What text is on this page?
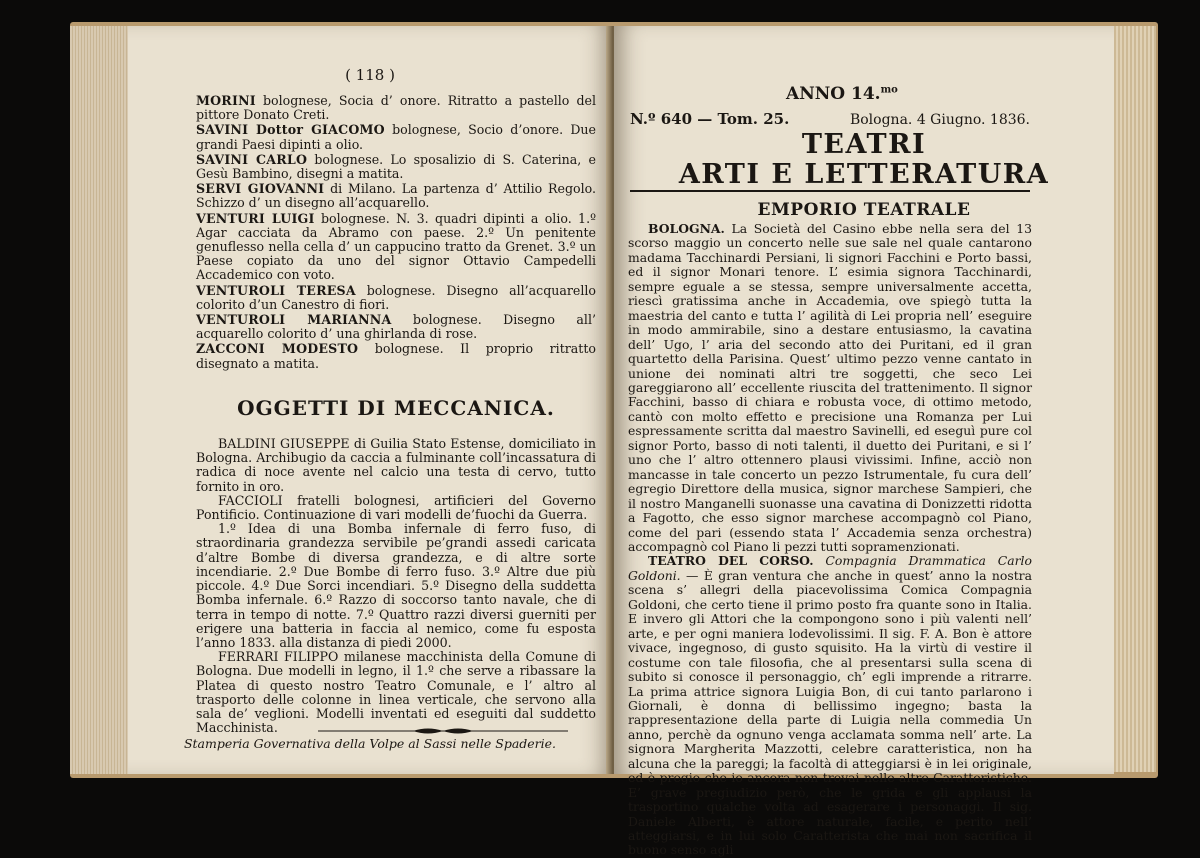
( 118 )
MORINI bolognese, Socia d’ onore. Ritratto a pastello del pittore Donato Creti.
SAVINI Dottor GIACOMO bolognese, Socio d’onore. Due grandi Paesi dipinti a olio.
SAVINI CARLO bolognese. Lo sposalizio di S. Caterina, e Gesù Bambino, disegni a matita.
SERVI GIOVANNI di Milano. La partenza d’ Attilio Regolo. Schizzo d’ un disegno all’acquarello.
VENTURI LUIGI bolognese. N. 3. quadri dipinti a olio. 1.º Agar cacciata da Abramo con paese. 2.º Un penitente genuflesso nella cella d’ un cappucino tratto da Grenet. 3.º un Paese copiato da uno del signor Ottavio Campedelli Accademico con voto.
VENTUROLI TERESA bolognese. Disegno all’acquarello colorito d’un Canestro di fiori.
VENTUROLI MARIANNA bolognese. Disegno all’ acquarello colorito d’ una ghirlanda di rose.
ZACCONI MODESTO bolognese. Il proprio ritratto disegnato a matita.
OGGETTI DI MECCANICA.

BALDINI GIUSEPPE di Guilia Stato Estense, domiciliato in Bologna. Archibugio da caccia a fulminante coll’incassatura di radica di noce avente nel calcio una testa di cervo, tutto fornito in oro.

FACCIOLI fratelli bolognesi, artificieri del Governo Pontificio. Continuazione di vari modelli de’fuochi da Guerra.

1.º Idea di una Bomba infernale di ferro fuso, di straordinaria grandezza servibile pe’grandi assedi caricata d’altre Bombe di diversa grandezza, e di altre sorte incendiarie. 2.º Due Bombe di ferro fuso. 3.º Altre due più piccole. 4.º Due Sorci incendiari. 5.º Disegno della suddetta Bomba infernale. 6.º Razzo di soccorso tanto navale, che di terra in tempo di notte. 7.º Quattro razzi diversi guerniti per erigere una batteria in faccia al nemico, come fu esposta l’anno 1833. alla distanza di piedi 2000.

FERRARI FILIPPO milanese macchinista della Comune di Bologna. Due modelli in legno, il 1.º che serve a ribassare la Platea di questo nostro Teatro Comunale, e l’ altro al trasporto delle colonne in linea verticale, che servono alla sala de’ veglioni. Modelli inventati ed eseguiti dal suddetto Macchinista.

Stamperia Governativa della Volpe al Sassi nelle Spaderie.
ANNO 14.$^{mo}$
N.º 640 — Tom. 25.	Bologna. 4 Giugno. 1836.
TEATRI
ARTI E LETTERATURA
EMPORIO TEATRALE

BOLOGNA. La Società del Casino ebbe nella sera del 13 scorso maggio un concerto nelle sue sale nel quale cantarono madama Tacchinardi Persiani, li signori Facchini e Porto bassi, ed il signor Monari tenore. L’ esimia signora Tacchinardi, sempre eguale a se stessa, sempre universalmente accetta, riescì gratissima anche in Accademia, ove spiegò tutta la maestria del canto e tutta l’ agilità di Lei propria nell’ eseguire in modo ammirabile, sino a destare entusiasmo, la cavatina dell’ Ugo, l’ aria del secondo atto dei Puritani, ed il gran quartetto della Parisina. Quest’ ultimo pezzo venne cantato in unione dei nominati altri tre soggetti, che seco Lei gareggiarono all’ eccellente riuscita del trattenimento. Il signor Facchini, basso di chiara e robusta voce, di ottimo metodo, cantò con molto effetto e precisione una Romanza per Lui espressamente scritta dal maestro Savinelli, ed eseguì pure col signor Porto, basso di noti talenti, il duetto dei Puritani, e si l’ uno che l’ altro ottennero plausi vivissimi. Infine, acciò non mancasse in tale concerto un pezzo Istrumentale, fu cura dell’ egregio Direttore della musica, signor marchese Sampieri, che il nostro Manganelli suonasse una cavatina di Donizzetti ridotta a Fagotto, che esso signor marchese accompagnò col Piano, come del pari (essendo stata l’ Accademia senza orchestra) accompagnò col Piano li pezzi tutti sopramenzionati.

TEATRO DEL CORSO. Compagnia Drammatica Carlo Goldoni. — È gran ventura che anche in quest’ anno la nostra scena s’ allegri della piacevolissima Comica Compagnia Goldoni, che certo tiene il primo posto fra quante sono in Italia. E invero gli Attori che la compongono sono i più valenti nell’ arte, e per ogni maniera lodevolissimi. Il sig. F. A. Bon è attore vivace, ingegnoso, di gusto squisito. Ha la virtù di vestire il costume con tale filosofia, che al presentarsi sulla scena di subito si conosce il personaggio, ch’ egli imprende a ritrarre. La prima attrice signora Luigia Bon, di cui tanto parlarono i Giornali, è donna di bellissimo ingegno; basta la rappresentazione della parte di Luigia nella commedia Un anno, perchè da ognuno venga acclamata somma nell’ arte. La signora Margherita Mazzotti, celebre caratteristica, non ha alcuna che la pareggi; la facoltà di atteggiarsi è in lei originale, ed è pregio che io ancora non trovai nelle altre Caratteristiche. E’ grave pregiudizio però, che le grida e gli applausi la trasportino qualche volta ad esagerare i personaggi. Il sig. Daniele Alberti, è attore naturale, facile, e perito nell’ atteggiarsi, e in lui solo Caratterista che mai non sacrifica il buono senso agli
